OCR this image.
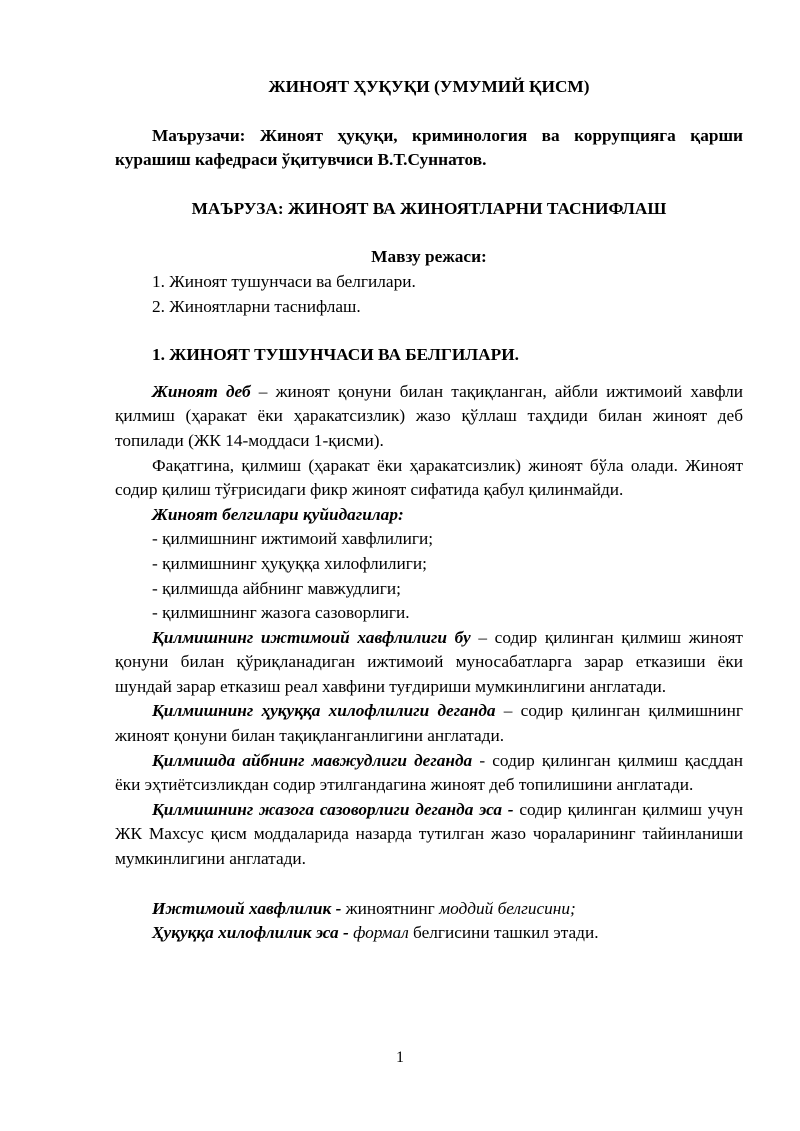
ЖИНОЯТ ҲУҚУҚИ (УМУМИЙ ҚИСМ)

Маърузачи: Жиноят ҳуқуқи, криминология ва коррупцияга қарши курашиш кафедраси ўқитувчиси В.Т.Суннатов.

МАЪРУЗА: ЖИНОЯТ ВА ЖИНОЯТЛАРНИ ТАСНИФЛАШ

Мавзу режаси:

1. Жиноят тушунчаси ва белгилари.

2. Жиноятларни таснифлаш.

1. ЖИНОЯТ ТУШУНЧАСИ ВА БЕЛГИЛАРИ.

Жиноят деб – жиноят қонуни билан тақиқланган, айбли ижтимоий хавфли қилмиш (ҳаракат ёки ҳаракатсизлик) жазо қўллаш таҳдиди билан жиноят деб топилади (ЖК 14-моддаси 1-қисми).

Фақатгина, қилмиш (ҳаракат ёки ҳаракатсизлик) жиноят бўла олади. Жиноят содир қилиш тўғрисидаги фикр жиноят сифатида қабул қилинмайди.

Жиноят белгилари қуйидагилар:

- қилмишнинг ижтимоий хавфлилиги;

- қилмишнинг ҳуқуққа хилофлилиги;

- қилмишда айбнинг мавжудлиги;

- қилмишнинг жазога сазоворлиги.

Қилмишнинг ижтимоий хавфлилиги бу – содир қилинган қилмиш жиноят қонуни билан қўриқланадиган ижтимоий муносабатларга зарар етказиши ёки шундай зарар етказиш реал хавфини туғдириши мумкинлигини англатади.

Қилмишнинг ҳуқуққа хилофлилиги деганда – содир қилинган қилмишнинг жиноят қонуни билан тақиқланганлигини англатади.

Қилмишда айбнинг мавжудлиги деганда - содир қилинган қилмиш қасддан ёки эҳтиётсизликдан содир этилгандагина жиноят деб топилишини англатади.

Қилмишнинг жазога сазоворлиги деганда эса - содир қилинган қилмиш учун ЖК Махсус қисм моддаларида назарда тутилган жазо чораларининг тайинланиши мумкинлигини англатади.

Ижтимоий хавфлилик - жиноятнинг моддий белгисини;

Ҳуқуққа хилофлилик эса - формал белгисини ташкил этади.

1
